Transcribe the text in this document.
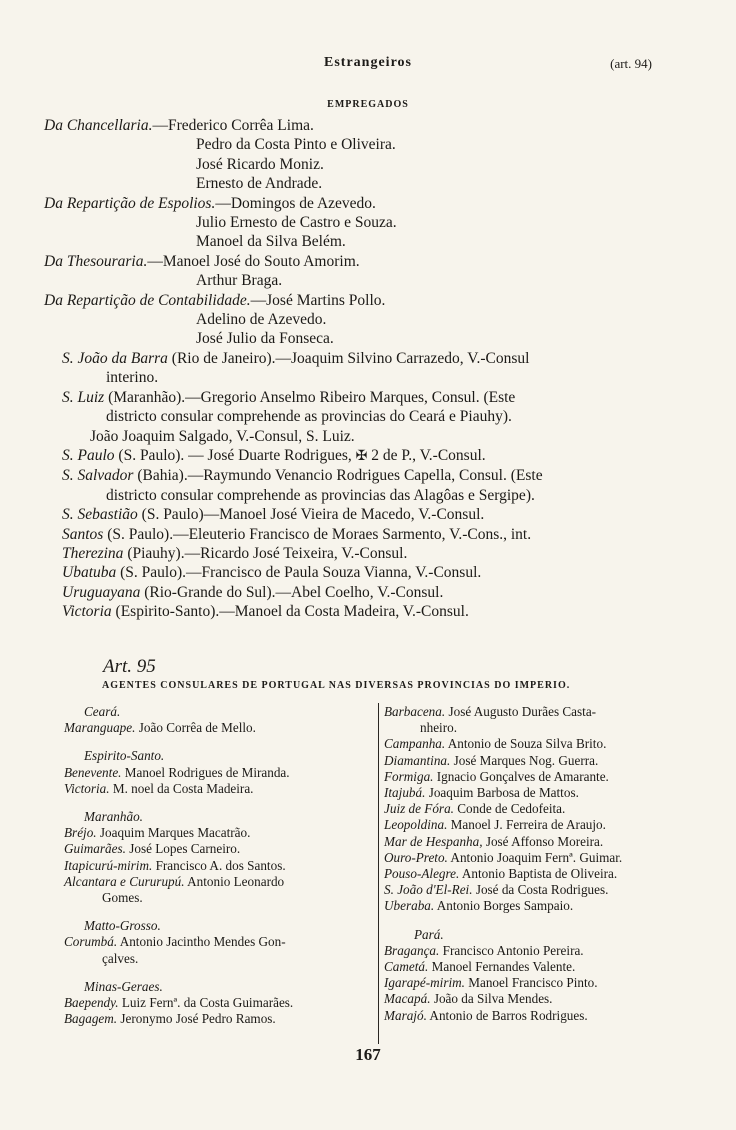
Estrangeiros	(art. 94)
EMPREGADOS
Da Chancellaria.—Frederico Corrêa Lima.
Pedro da Costa Pinto e Oliveira.
José Ricardo Moniz.
Ernesto de Andrade.
Da Repartição de Espolios.—Domingos de Azevedo.
Julio Ernesto de Castro e Souza.
Manoel da Silva Belém.
Da Thesouraria.—Manoel José do Souto Amorim.
Arthur Braga.
Da Repartição de Contabilidade.—José Martins Pollo.
Adelino de Azevedo.
José Julio da Fonseca.
S. João da Barra (Rio de Janeiro).—Joaquim Silvino Carrazedo, V.-Consul
interino.
S. Luiz (Maranhão).—Gregorio Anselmo Ribeiro Marques, Consul. (Este
districto consular comprehende as provincias do Ceará e Piauhy).
João Joaquim Salgado, V.-Consul, S. Luiz.
S. Paulo (S. Paulo). — José Duarte Rodrigues, ✠ 2 de P., V.-Consul.
S. Salvador (Bahia).—Raymundo Venancio Rodrigues Capella, Consul. (Este
districto consular comprehende as provincias das Alagôas e Sergipe).
S. Sebastião (S. Paulo)—Manoel José Vieira de Macedo, V.-Consul.
Santos (S. Paulo).—Eleuterio Francisco de Moraes Sarmento, V.-Cons., int.
Therezina (Piauhy).—Ricardo José Teixeira, V.-Consul.
Ubatuba (S. Paulo).—Francisco de Paula Souza Vianna, V.-Consul.
Uruguayana (Rio-Grande do Sul).—Abel Coelho, V.-Consul.
Victoria (Espirito-Santo).—Manoel da Costa Madeira, V.-Consul.
Art. 95
AGENTES CONSULARES DE PORTUGAL NAS DIVERSAS PROVINCIAS DO IMPERIO.
Ceará.
Maranguape. João Corrêa de Mello.
Espirito-Santo.
Benevente. Manoel Rodrigues de Miranda.
Victoria. M. noel da Costa Madeira.
Maranhão.
Bréjo. Joaquim Marques Macatrão.
Guimarães. José Lopes Carneiro.
Itapicurú-mirim. Francisco A. dos Santos.
Alcantara e Cururupú. Antonio Leonardo
Gomes.
Matto-Grosso.
Corumbá. Antonio Jacintho Mendes Gon-
çalves.
Minas-Geraes.
Baependy. Luiz Fernª. da Costa Guimarães.
Bagagem. Jeronymo José Pedro Ramos.
Barbacena. José Augusto Durães Casta-
nheiro.
Campanha. Antonio de Souza Silva Brito.
Diamantina. José Marques Nog. Guerra.
Formiga. Ignacio Gonçalves de Amarante.
Itajubá. Joaquim Barbosa de Mattos.
Juiz de Fóra. Conde de Cedofeita.
Leopoldina. Manoel J. Ferreira de Araujo.
Mar de Hespanha, José Affonso Moreira.
Ouro-Preto. Antonio Joaquim Fernª. Guimar.
Pouso-Alegre. Antonio Baptista de Oliveira.
S. João d'El-Rei. José da Costa Rodrigues.
Uberaba. Antonio Borges Sampaio.
Pará.
Bragança. Francisco Antonio Pereira.
Cametá. Manoel Fernandes Valente.
Igarapé-mirim. Manoel Francisco Pinto.
Macapá. João da Silva Mendes.
Marajó. Antonio de Barros Rodrigues.
167
